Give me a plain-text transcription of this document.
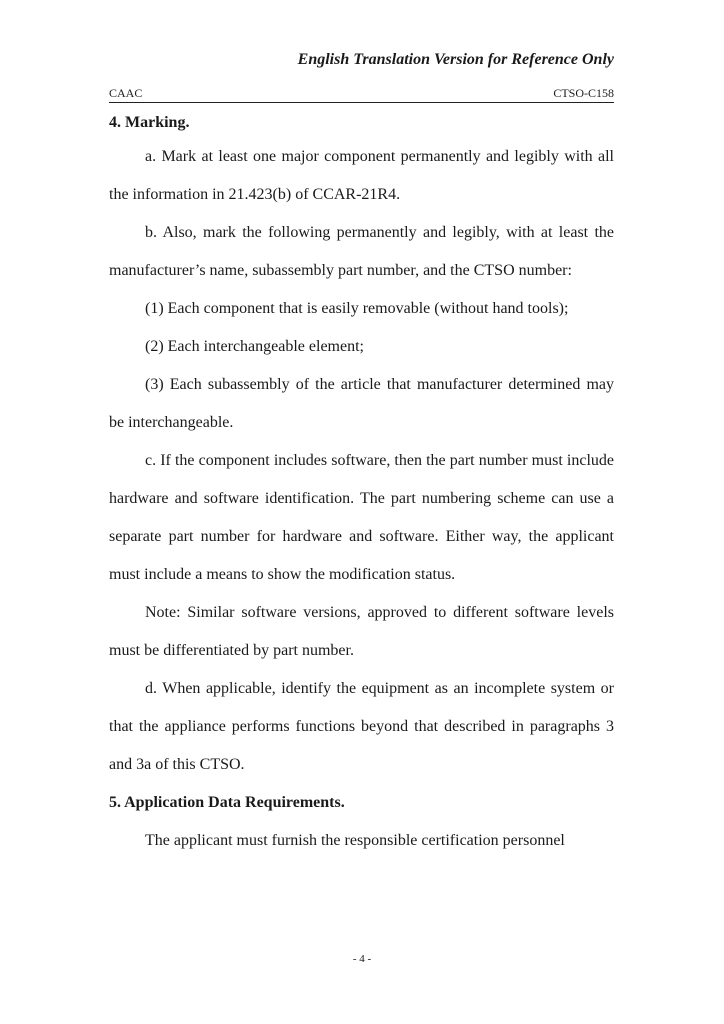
English Translation Version for Reference Only
CAAC	CTSO-C158
4. Marking.

a. Mark at least one major component permanently and legibly with all the information in 21.423(b) of CCAR-21R4.

b. Also, mark the following permanently and legibly, with at least the manufacturer’s name, subassembly part number, and the CTSO number:

(1) Each component that is easily removable (without hand tools);

(2) Each interchangeable element;

(3) Each subassembly of the article that manufacturer determined may be interchangeable.

c. If the component includes software, then the part number must include hardware and software identification. The part numbering scheme can use a separate part number for hardware and software. Either way, the applicant must include a means to show the modification status.

Note: Similar software versions, approved to different software levels must be differentiated by part number.

d. When applicable, identify the equipment as an incomplete system or that the appliance performs functions beyond that described in paragraphs 3 and 3a of this CTSO.

5. Application Data Requirements.

The applicant must furnish the responsible certification personnel

- 4 -
